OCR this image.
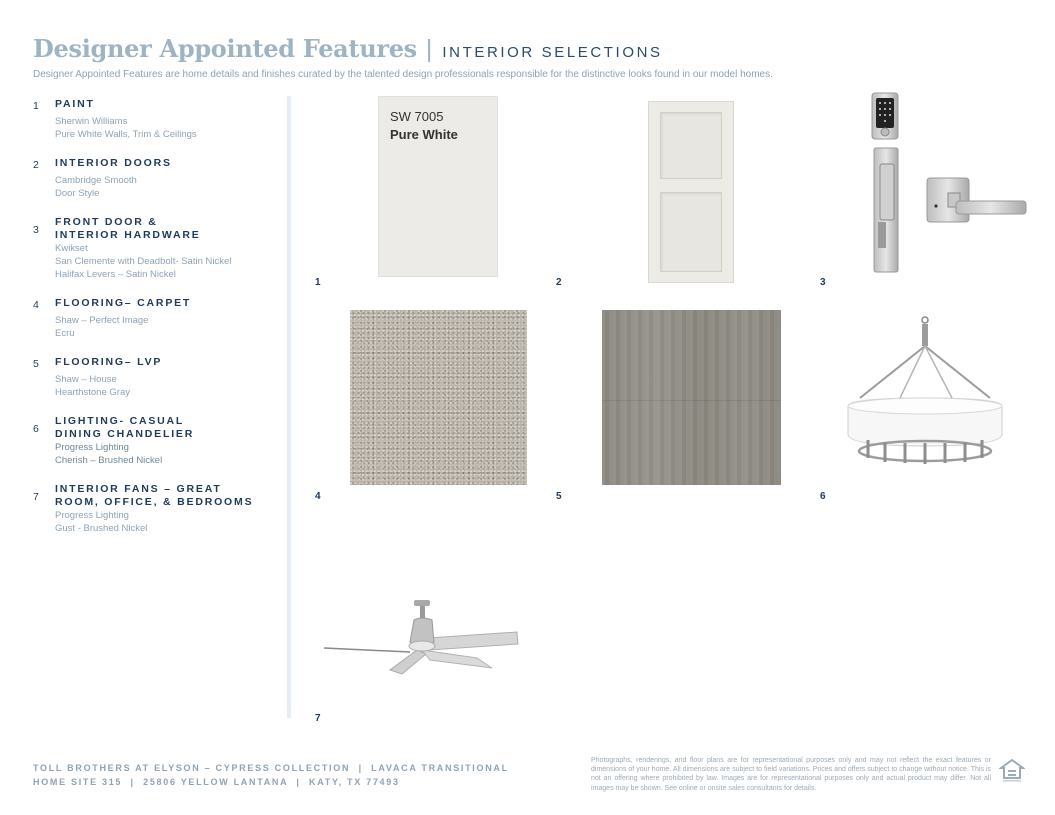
Designer Appointed Features | INTERIOR SELECTIONS
Designer Appointed Features are home details and finishes curated by the talented design professionals responsible for the distinctive looks found in our model homes.
1	PAINT
Sherwin Williams
Pure White Walls, Trim & Ceilings
2	INTERIOR DOORS
Cambridge Smooth
Door Style
3
FRONT DOOR & INTERIOR HARDWARE
Kwikset
San Clemente with Deadbolt- Satin Nickel
Halifax Levers – Satin Nickel
4	FLOORING– CARPET
Shaw – Perfect Image
Ecru
5	FLOORING– LVP
Shaw – House
Hearthstone Gray
6
LIGHTING- CASUAL DINING CHANDELIER
Progress Lighting
Cherish – Brushed Nickel
7
INTERIOR FANS – GREAT ROOM, OFFICE, & BEDROOMS
Progress Lighting
Gust - Brushed Nickel
SW 7005
Pure White
1	2	3
4	5	6
7
TOLL BROTHERS AT ELYSON – CYPRESS COLLECTION  |  LAVACA TRANSITIONAL
HOME SITE 315  |  25806 YELLOW LANTANA  |  KATY, TX 77493
Photographs, renderings, and floor plans are for representational purposes only and may not reflect the exact features or dimensions of your home. All dimensions are subject to field variations. Prices and offers subject to change without notice. This is not an offering where prohibited by law. Images are for representational purposes only and actual product may differ. Not all images may be shown. See online or onsite sales consultants for details.
